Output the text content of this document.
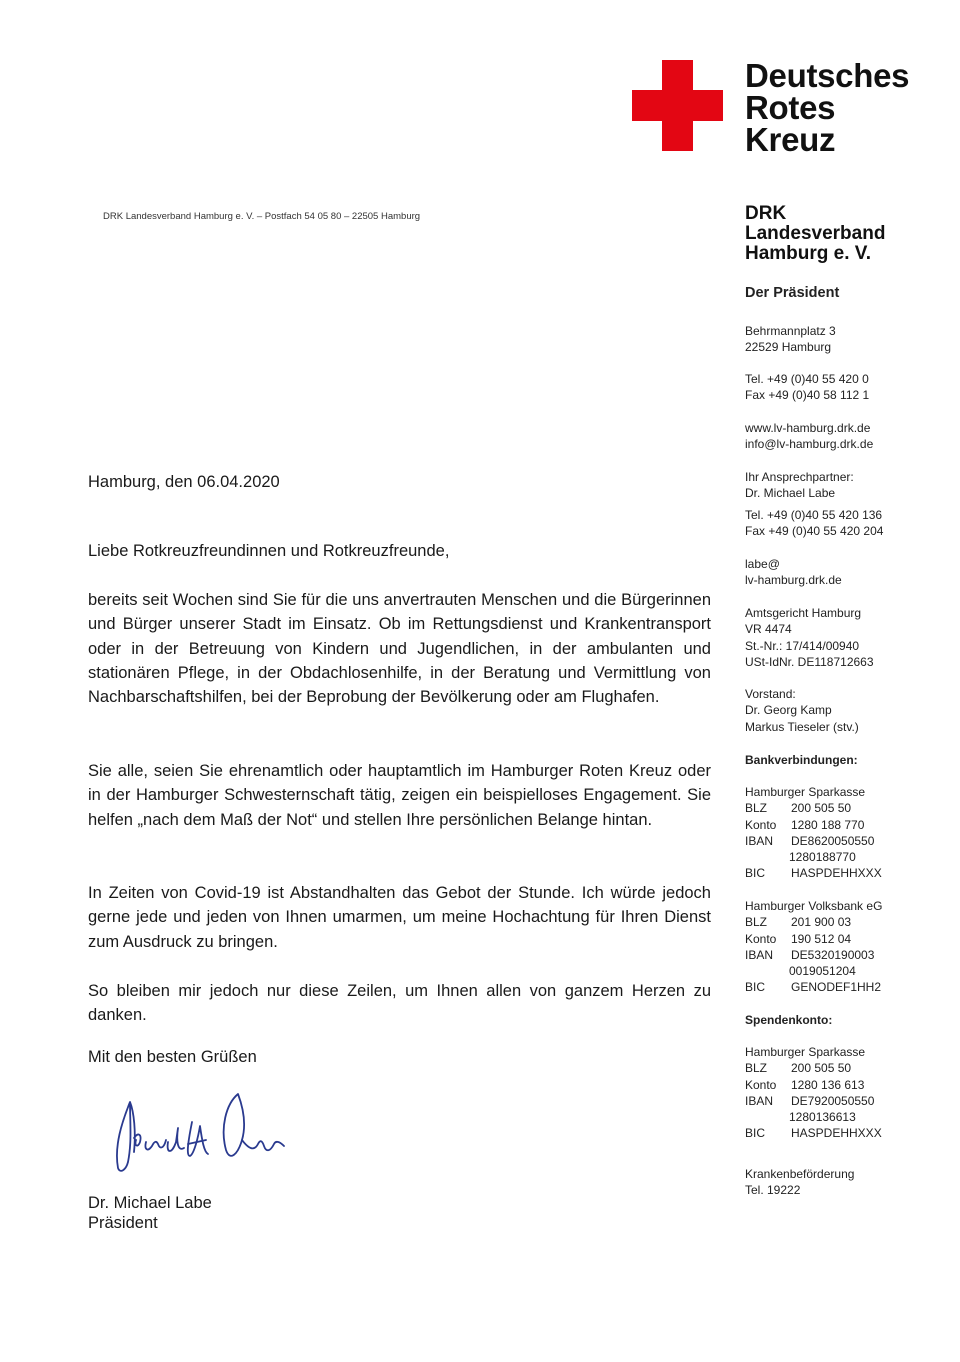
Deutsches
Rotes
Kreuz
DRK Landesverband Hamburg e. V. – Postfach 54 05 80 – 22505 Hamburg	DRK
Landesverband
Hamburg e. V.
Der Präsident
Behrmannplatz 3
22529 Hamburg
Tel. +49 (0)40 55 420 0
Fax +49 (0)40 58 112 1
www.lv-hamburg.drk.de
info@lv-hamburg.drk.de
Ihr Ansprechpartner:
Dr. Michael Labe
Tel. +49 (0)40 55 420 136
Fax +49 (0)40 55 420 204
labe@
lv-hamburg.drk.de
Amtsgericht Hamburg
VR 4474
St.-Nr.: 17/414/00940
USt-IdNr. DE118712663
Vorstand:
Dr. Georg Kamp
Markus Tieseler (stv.)
Bankverbindungen:
Hamburger Sparkasse
BLZ	200 505 50
Konto	1280 188 770
IBAN	DE8620050550
1280188770
BIC	HASPDEHHXXX
Hamburger Volksbank eG
BLZ	201 900 03
Konto	190 512 04
IBAN	DE5320190003
0019051204
BIC	GENODEF1HH2
Spendenkonto:
Hamburger Sparkasse
BLZ	200 505 50
Konto	1280 136 613
IBAN	DE7920050550
1280136613
BIC	HASPDEHHXXX
Krankenbeförderung
Tel. 19222
Hamburg, den 06.04.2020
Liebe Rotkreuzfreundinnen und Rotkreuzfreunde,

bereits seit Wochen sind Sie für die uns anvertrauten Menschen und die Bürgerinnen und Bürger unserer Stadt im Einsatz. Ob im Rettungsdienst und Krankentransport oder in der Betreuung von Kindern und Jugendlichen, in der ambulanten und stationären Pflege, in der Obdachlosenhilfe, in der Beratung und Vermittlung von Nachbarschaftshilfen, bei der Beprobung der Bevölkerung oder am Flughafen.

Sie alle, seien Sie ehrenamtlich oder hauptamtlich im Hamburger Roten Kreuz oder in der Hamburger Schwesternschaft tätig, zeigen ein beispielloses Engagement. Sie helfen „nach dem Maß der Not“ und stellen Ihre persönlichen Belange hintan.

In Zeiten von Covid-19 ist Abstandhalten das Gebot der Stunde. Ich würde jedoch gerne jede und jeden von Ihnen umarmen, um meine Hochachtung für Ihren Dienst zum Ausdruck zu bringen.

So bleiben mir jedoch nur diese Zeilen, um Ihnen allen von ganzem Herzen zu danken.

Mit den besten Grüßen
Dr. Michael Labe
Präsident
